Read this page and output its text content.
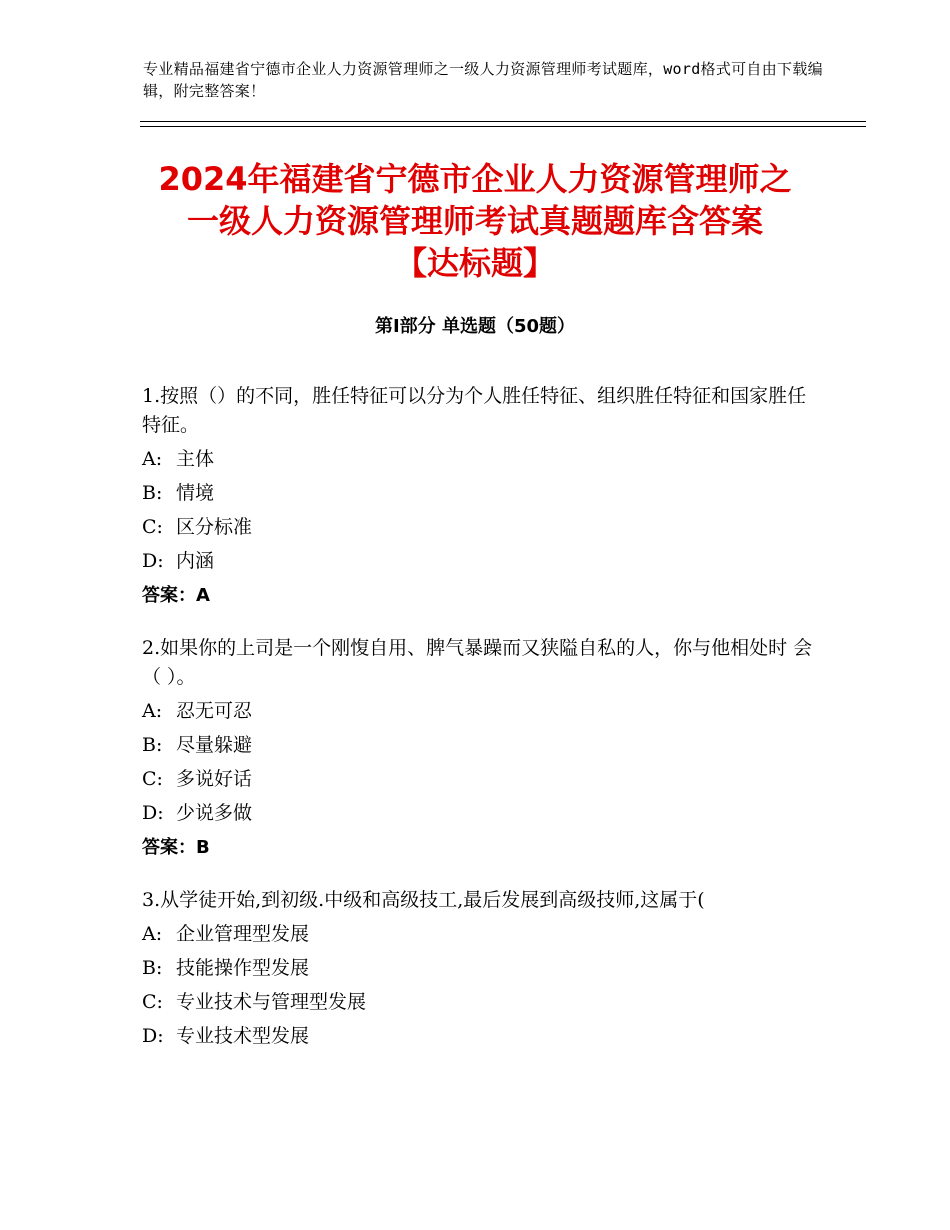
专业精品福建省宁德市企业人力资源管理师之一级人力资源管理师考试题库，word格式可自由下载编辑，附完整答案！
2024年福建省宁德市企业人力资源管理师之
一级人力资源管理师考试真题题库含答案
【达标题】
第Ⅰ部分 单选题（50题）
1.按照（）的不同，胜任特征可以分为个人胜任特征、组织胜任特征和国家胜任特征。
A: 主体
B: 情境
C: 区分标准
D: 内涵
答案：A
2.如果你的上司是一个刚愎自用、脾气暴躁而又狭隘自私的人，你与他相处时 会（ ）。
A: 忍无可忍
B: 尽量躲避
C: 多说好话
D: 少说多做
答案：B
3.从学徒开始,到初级.中级和高级技工,最后发展到高级技师,这属于(
A: 企业管理型发展
B: 技能操作型发展
C: 专业技术与管理型发展
D: 专业技术型发展
